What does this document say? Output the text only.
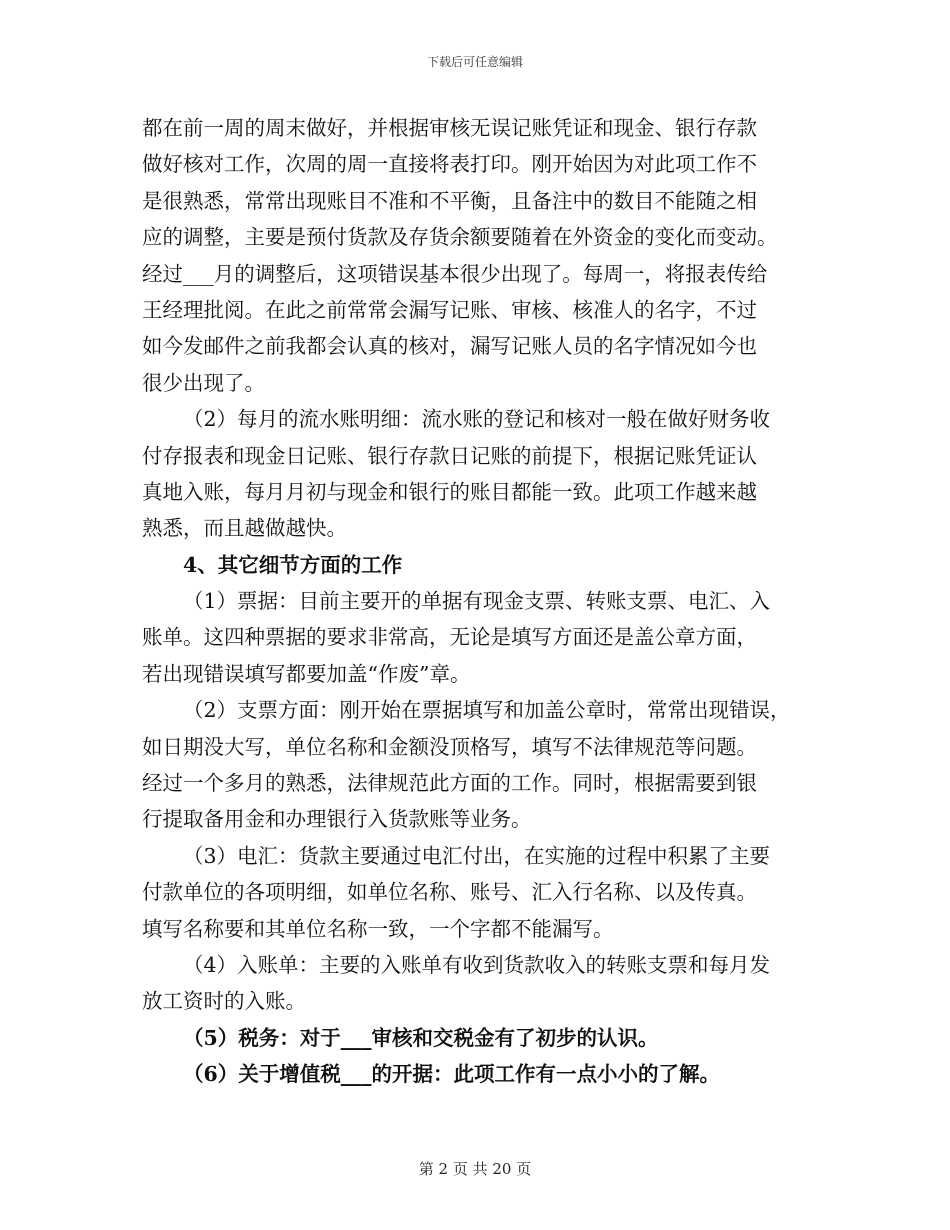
下载后可任意编辑
都在前一周的周末做好，并根据审核无误记账凭证和现金、银行存款
做好核对工作，次周的周一直接将表打印。刚开始因为对此项工作不
是很熟悉，常常出现账目不准和不平衡，且备注中的数目不能随之相
应的调整，主要是预付货款及存货余额要随着在外资金的变化而变动。
经过___月的调整后，这项错误基本很少出现了。每周一，将报表传给
王经理批阅。在此之前常常会漏写记账、审核、核准人的名字，不过
如今发邮件之前我都会认真的核对，漏写记账人员的名字情况如今也
很少出现了。
（2）每月的流水账明细：流水账的登记和核对一般在做好财务收
付存报表和现金日记账、银行存款日记账的前提下，根据记账凭证认
真地入账，每月月初与现金和银行的账目都能一致。此项工作越来越
熟悉，而且越做越快。
4、其它细节方面的工作
（1）票据：目前主要开的单据有现金支票、转账支票、电汇、入
账单。这四种票据的要求非常高，无论是填写方面还是盖公章方面，
若出现错误填写都要加盖“作废”章。
（2）支票方面：刚开始在票据填写和加盖公章时，常常出现错误，
如日期没大写，单位名称和金额没顶格写，填写不法律规范等问题。
经过一个多月的熟悉，法律规范此方面的工作。同时，根据需要到银
行提取备用金和办理银行入货款账等业务。
（3）电汇：货款主要通过电汇付出，在实施的过程中积累了主要
付款单位的各项明细，如单位名称、账号、汇入行名称、以及传真。
填写名称要和其单位名称一致，一个字都不能漏写。
（4）入账单：主要的入账单有收到货款收入的转账支票和每月发
放工资时的入账。
（5）税务：对于___审核和交税金有了初步的认识。
（6）关于增值税___的开据：此项工作有一点小小的了解。
第 2 页 共 20 页
